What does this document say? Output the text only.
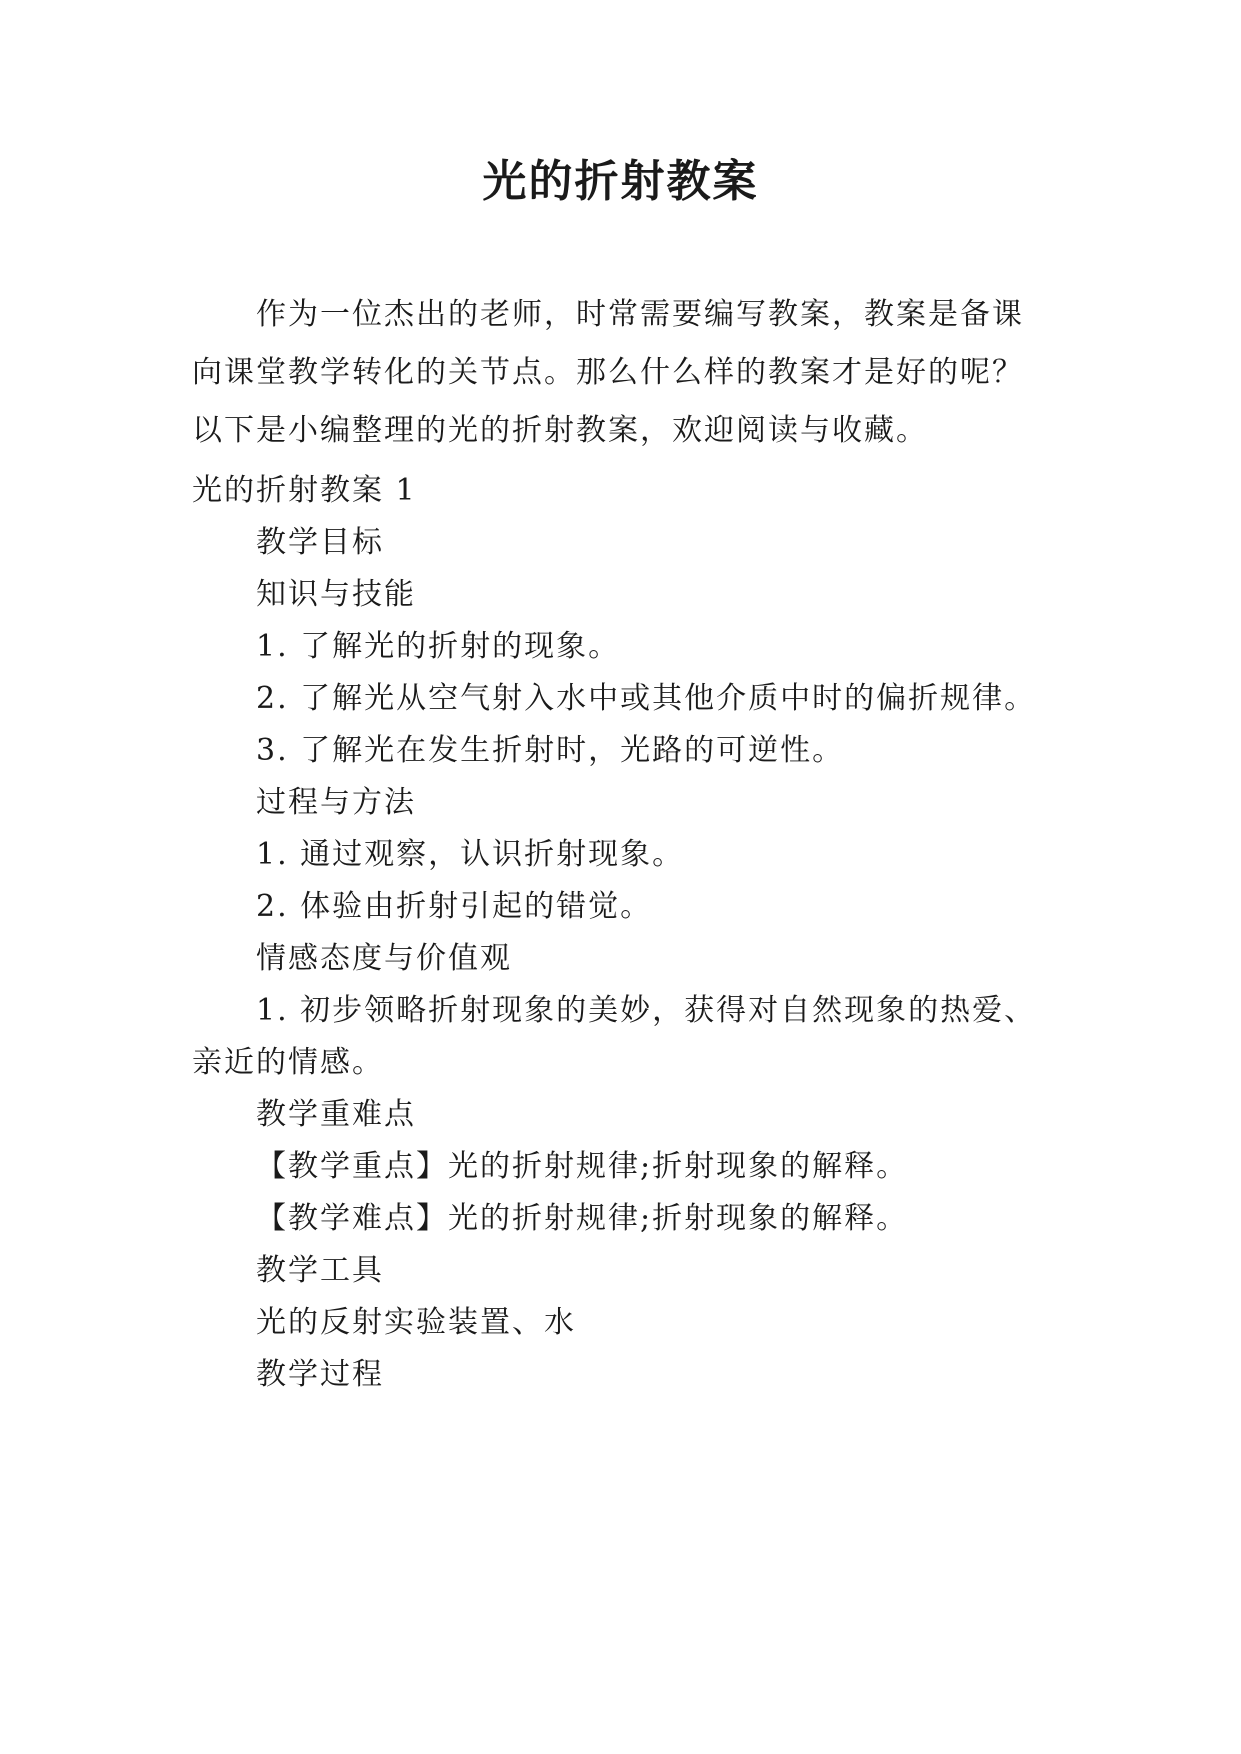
光的折射教案

作为一位杰出的老师，时常需要编写教案，教案是备课

向课堂教学转化的关节点。那么什么样的教案才是好的呢？
以下是小编整理的光的折射教案，欢迎阅读与收藏。
光的折射教案 1
教学目标
知识与技能
1. 了解光的折射的现象。
2. 了解光从空气射入水中或其他介质中时的偏折规律。
3. 了解光在发生折射时，光路的可逆性。
过程与方法
1. 通过观察，认识折射现象。
2. 体验由折射引起的错觉。
情感态度与价值观
1. 初步领略折射现象的美妙，获得对自然现象的热爱、
亲近的情感。
教学重难点
【教学重点】光的折射规律;折射现象的解释。
【教学难点】光的折射规律;折射现象的解释。
教学工具
光的反射实验装置、水
教学过程
